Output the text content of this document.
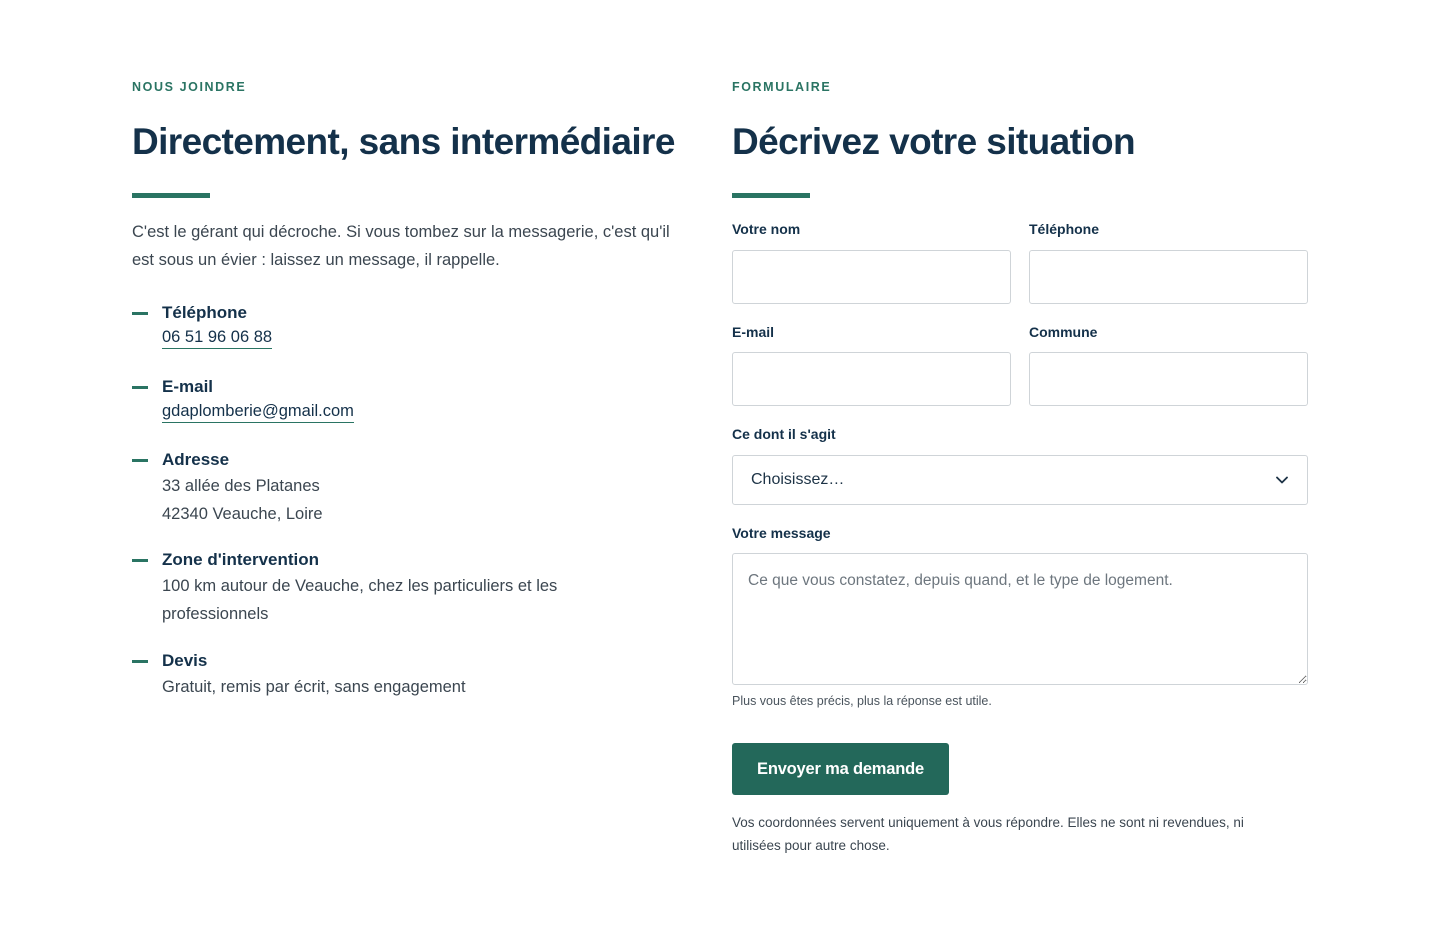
NOUS JOINDRE
Directement, sans intermédiaire

C'est le gérant qui décroche. Si vous tombez sur la messagerie, c'est qu'il est sous un évier : laissez un message, il rappelle.

Téléphone
06 51 96 06 88
E-mail
gdaplomberie@gmail.com
Adresse
33 allée des Platanes
42340 Veauche, Loire
Zone d'intervention
100 km autour de Veauche, chez les particuliers et les professionnels
Devis
Gratuit, remis par écrit, sans engagement
FORMULAIRE
Décrivez votre situation
Votre nom	Téléphone
E-mail	Commune
Ce dont il s'agit
Choisissez…
Votre message
Ce que vous constatez, depuis quand, et le type de logement.
Plus vous êtes précis, plus la réponse est utile.
Envoyer ma demande

Vos coordonnées servent uniquement à vous répondre. Elles ne sont ni revendues, ni utilisées pour autre chose.
